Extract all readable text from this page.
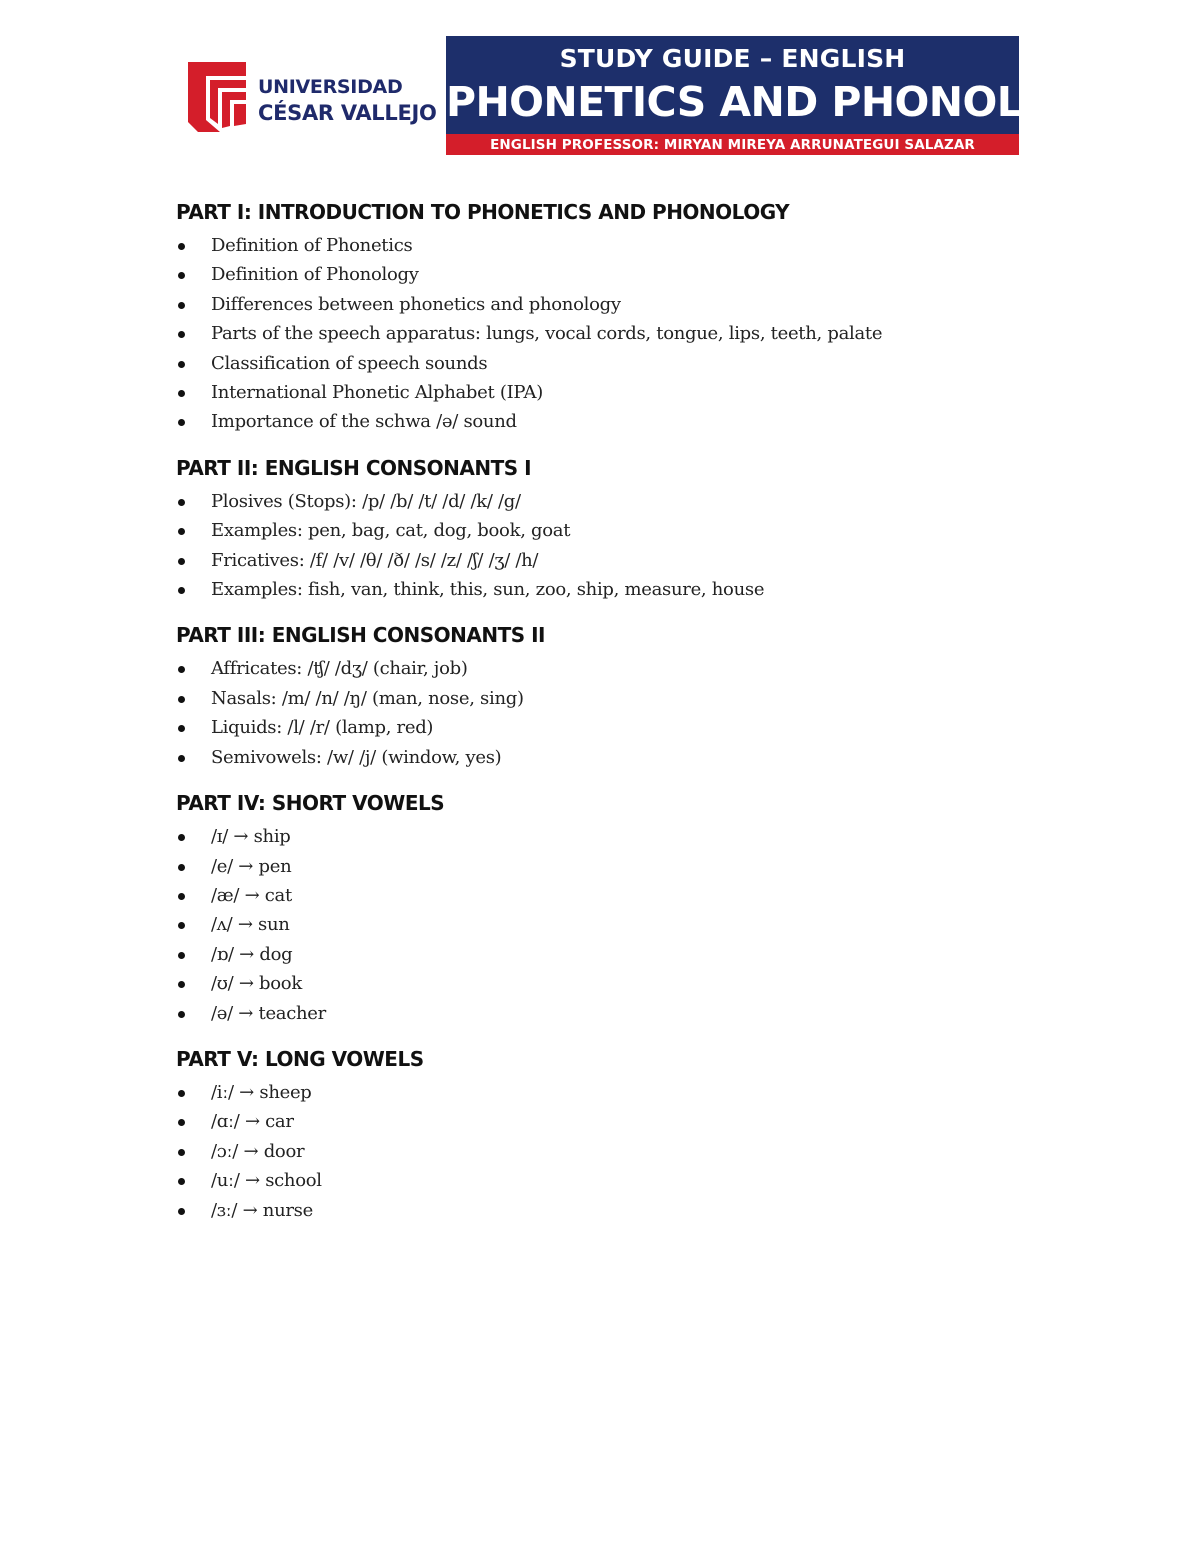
UNIVERSIDAD
CÉSAR VALLEJO
STUDY GUIDE – ENGLISH
PHONETICS AND PHONOLOGY
ENGLISH PROFESSOR: MIRYAN MIREYA ARRUNATEGUI SALAZAR
PART I: INTRODUCTION TO PHONETICS AND PHONOLOGY
Definition of Phonetics
Definition of Phonology
Differences between phonetics and phonology
Parts of the speech apparatus: lungs, vocal cords, tongue, lips, teeth, palate
Classification of speech sounds
International Phonetic Alphabet (IPA)
Importance of the schwa /ə/ sound
PART II: ENGLISH CONSONANTS I
Plosives (Stops): /p/ /b/ /t/ /d/ /k/ /g/
Examples: pen, bag, cat, dog, book, goat
Fricatives: /f/ /v/ /θ/ /ð/ /s/ /z/ /ʃ/ /ʒ/ /h/
Examples: fish, van, think, this, sun, zoo, ship, measure, house
PART III: ENGLISH CONSONANTS II
Affricates: /ʧ/ /dʒ/ (chair, job)
Nasals: /m/ /n/ /ŋ/ (man, nose, sing)
Liquids: /l/ /r/ (lamp, red)
Semivowels: /w/ /j/ (window, yes)
PART IV: SHORT VOWELS
/ɪ/ → ship
/e/ → pen
/æ/ → cat
/ʌ/ → sun
/ɒ/ → dog
/ʊ/ → book
/ə/ → teacher
PART V: LONG VOWELS
/iː/ → sheep
/ɑː/ → car
/ɔː/ → door
/uː/ → school
/ɜː/ → nurse
